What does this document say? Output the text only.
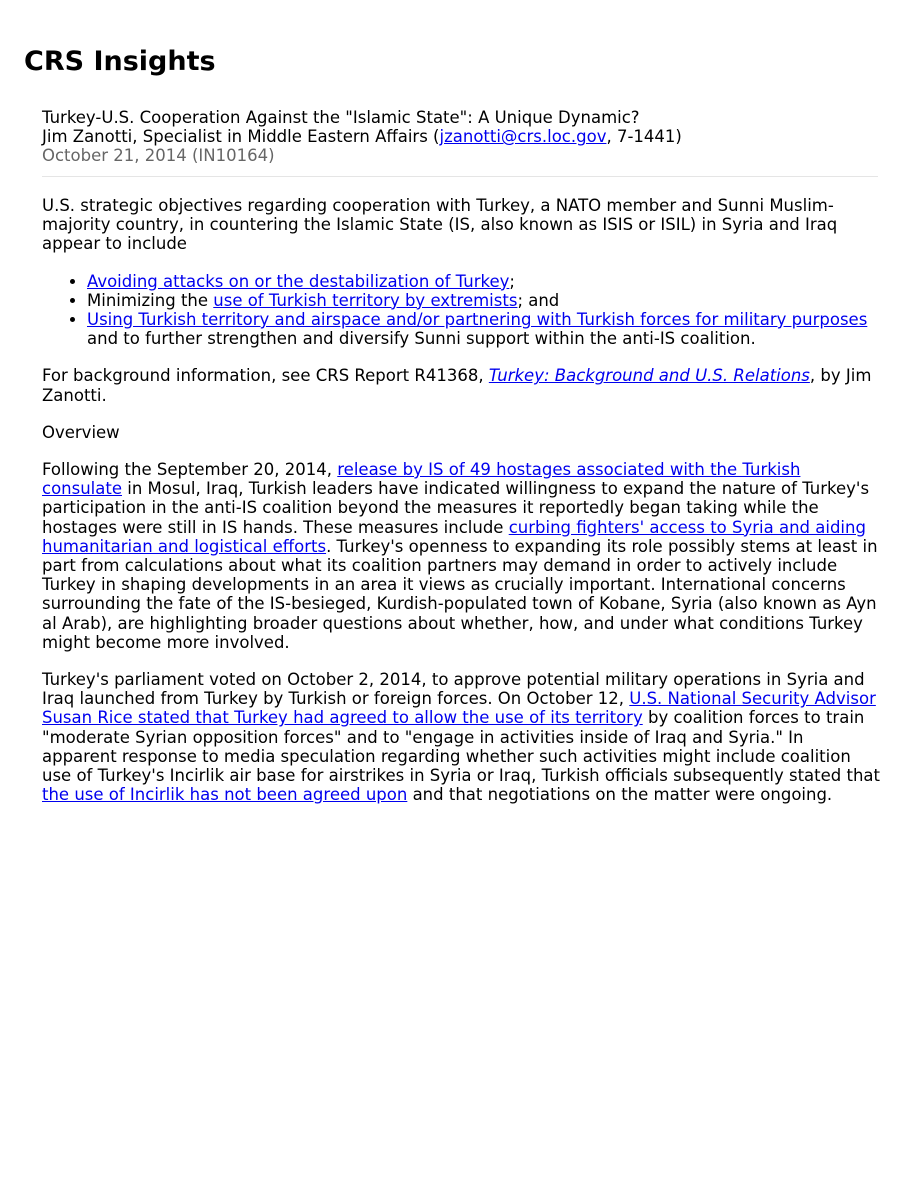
CRS Insights
Turkey-U.S. Cooperation Against the "Islamic State": A Unique Dynamic?
Jim Zanotti, Specialist in Middle Eastern Affairs (jzanotti@crs.loc.gov, 7-1441)
October 21, 2014 (IN10164)

U.S. strategic objectives regarding cooperation with Turkey, a NATO member and Sunni Muslim-majority country, in countering the Islamic State (IS, also known as ISIS or ISIL) in Syria and Iraq appear to include

• Avoiding attacks on or the destabilization of Turkey;
• Minimizing the use of Turkish territory by extremists; and
• Using Turkish territory and airspace and/or partnering with Turkish forces for military purposes and to further strengthen and diversify Sunni support within the anti-IS coalition.

For background information, see CRS Report R41368, Turkey: Background and U.S. Relations, by Jim Zanotti.

Overview

Following the September 20, 2014, release by IS of 49 hostages associated with the Turkish consulate in Mosul, Iraq, Turkish leaders have indicated willingness to expand the nature of Turkey's participation in the anti-IS coalition beyond the measures it reportedly began taking while the hostages were still in IS hands. These measures include curbing fighters' access to Syria and aiding humanitarian and logistical efforts. Turkey's openness to expanding its role possibly stems at least in part from calculations about what its coalition partners may demand in order to actively include Turkey in shaping developments in an area it views as crucially important. International concerns surrounding the fate of the IS-besieged, Kurdish-populated town of Kobane, Syria (also known as Ayn al Arab), are highlighting broader questions about whether, how, and under what conditions Turkey might become more involved.

Turkey's parliament voted on October 2, 2014, to approve potential military operations in Syria and Iraq launched from Turkey by Turkish or foreign forces. On October 12, U.S. National Security Advisor Susan Rice stated that Turkey had agreed to allow the use of its territory by coalition forces to train "moderate Syrian opposition forces" and to "engage in activities inside of Iraq and Syria." In apparent response to media speculation regarding whether such activities might include coalition use of Turkey's Incirlik air base for airstrikes in Syria or Iraq, Turkish officials subsequently stated that the use of Incirlik has not been agreed upon and that negotiations on the matter were ongoing.
